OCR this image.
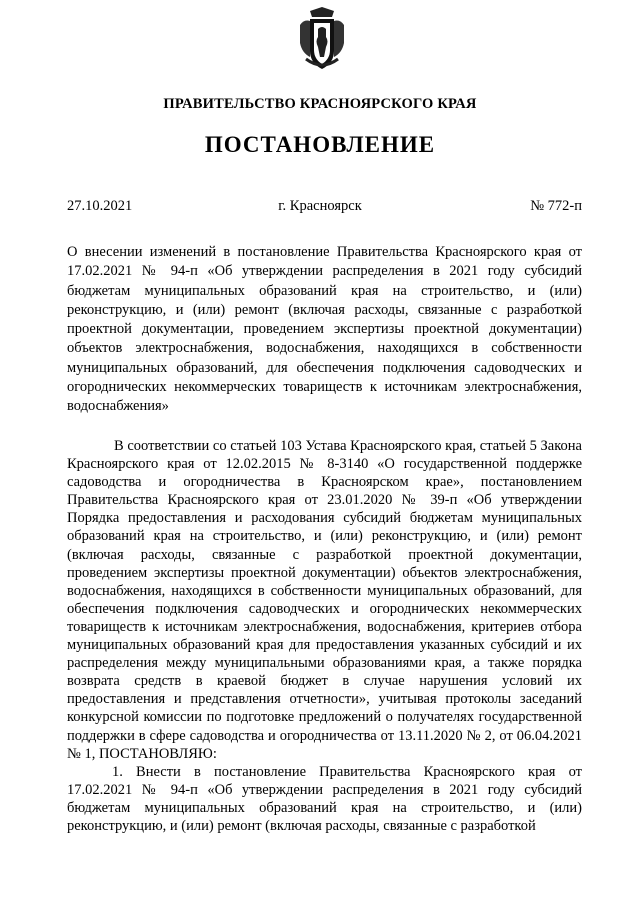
ПРАВИТЕЛЬСТВО КРАСНОЯРСКОГО КРАЯ
ПОСТАНОВЛЕНИЕ
27.10.2021	г. Красноярск	№ 772-п
О внесении изменений в постановление Правительства Красноярского края от 17.02.2021 № 94-п «Об утверждении распределения в 2021 году субсидий бюджетам муниципальных образований края на строительство, и (или) реконструкцию, и (или) ремонт (включая расходы, связанные с разработкой проектной документации, проведением экспертизы проектной документации) объектов электроснабжения, водоснабжения, находящихся в собственности муниципальных образований, для обеспечения подключения садоводческих и огороднических некоммерческих товариществ к источникам электроснабжения, водоснабжения»

В соответствии со статьей 103 Устава Красноярского края, статьей 5 Закона Красноярского края от 12.02.2015 № 8-3140 «О государственной поддержке садоводства и огородничества в Красноярском крае», постановлением Правительства Красноярского края от 23.01.2020 № 39-п «Об утверждении Порядка предоставления и расходования субсидий бюджетам муниципальных образований края на строительство, и (или) реконструкцию, и (или) ремонт (включая расходы, связанные с разработкой проектной документации, проведением экспертизы проектной документации) объектов электроснабжения, водоснабжения, находящихся в собственности муниципальных образований, для обеспечения подключения садоводческих и огороднических некоммерческих товариществ к источникам электроснабжения, водоснабжения, критериев отбора муниципальных образований края для предоставления указанных субсидий и их распределения между муниципальными образованиями края, а также порядка возврата средств в краевой бюджет в случае нарушения условий их предоставления и представления отчетности», учитывая протоколы заседаний конкурсной комиссии по подготовке предложений о получателях государственной поддержки в сфере садоводства и огородничества от 13.11.2020 № 2, от 06.04.2021 № 1, ПОСТАНОВЛЯЮ:

1. Внести в постановление Правительства Красноярского края от 17.02.2021 № 94-п «Об утверждении распределения в 2021 году субсидий бюджетам муниципальных образований края на строительство, и (или) реконструкцию, и (или) ремонт (включая расходы, связанные с разработкой
